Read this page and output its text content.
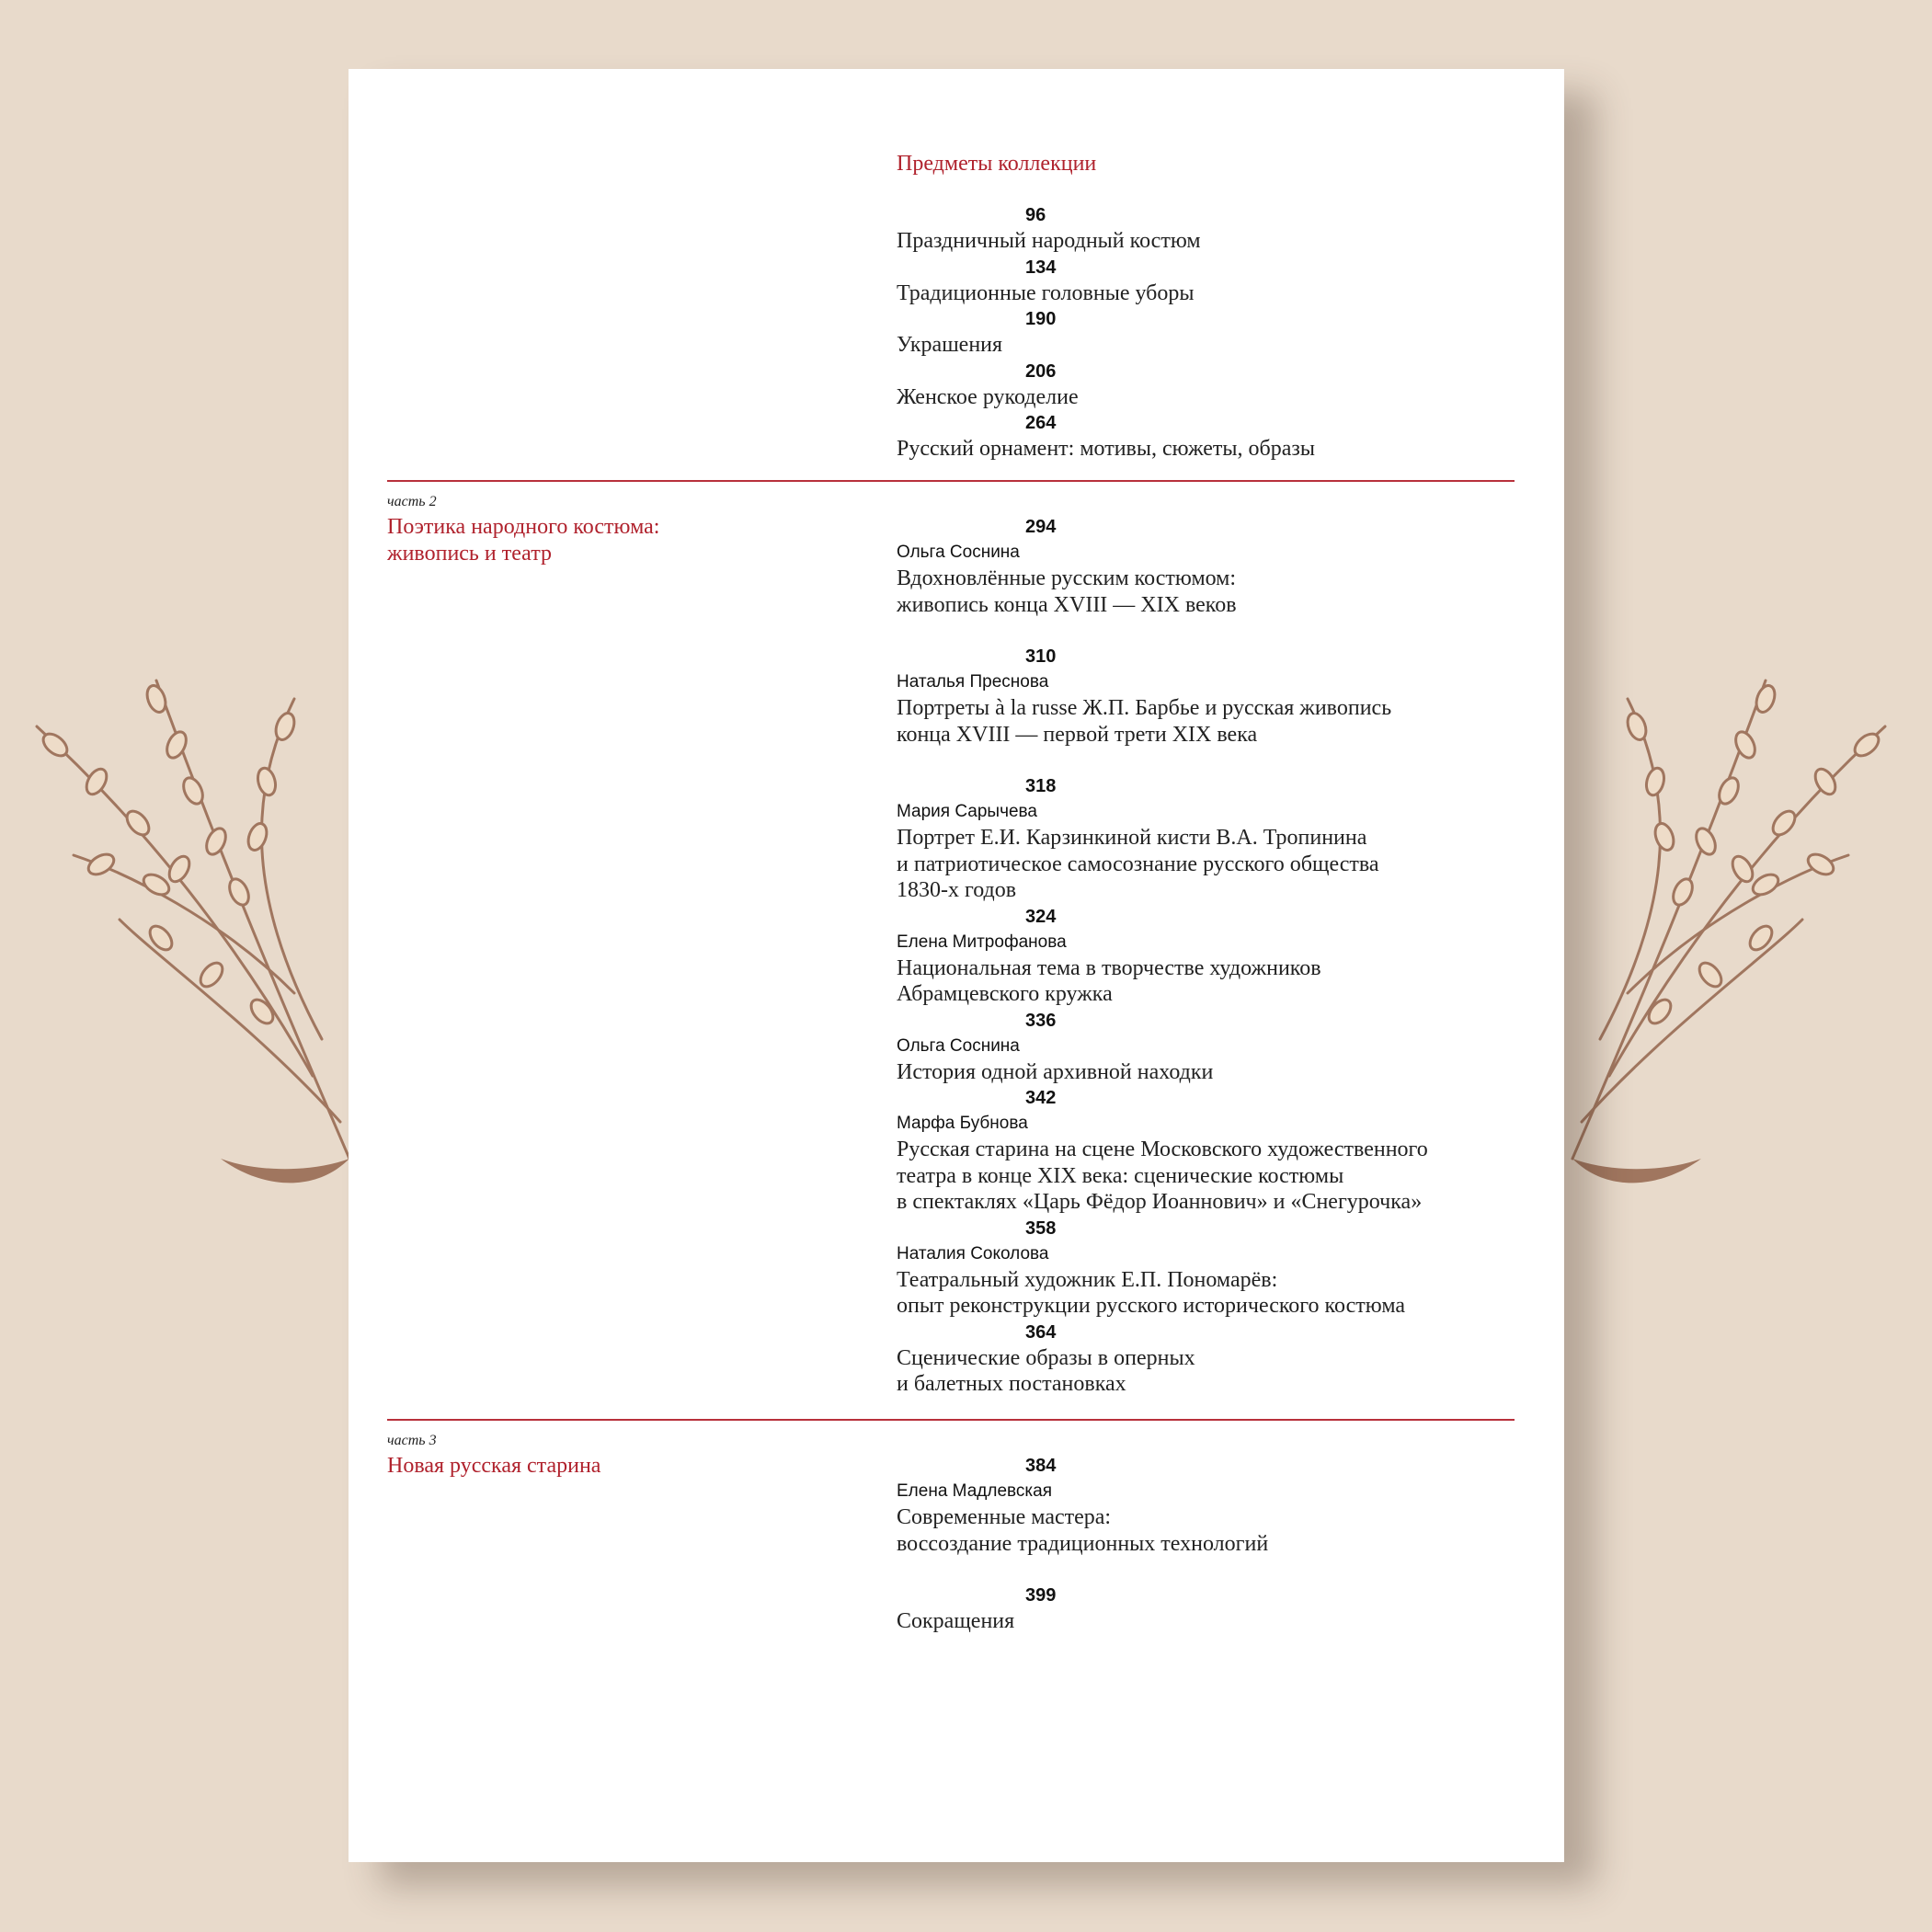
Предметы коллекции
96
Праздничный народный костюм
134
Традиционные головные уборы
190
Украшения
206
Женское рукоделие
264
Русский орнамент: мотивы, сюжеты, образы
часть 2
Поэтика народного костюма:
живопись и театр
294
Ольга Соснина
Вдохновлённые русским костюмом:
живопись конца XVIII — XIX веков
310
Наталья Преснова
Портреты à la russe Ж.П. Барбье и русская живопись
конца XVIII — первой трети XIX века
318
Мария Сарычева
Портрет Е.И. Карзинкиной кисти В.А. Тропинина
и патриотическое самосознание русского общества
1830-х годов
324
Елена Митрофанова
Национальная тема в творчестве художников
Абрамцевского кружка
336
Ольга Соснина
История одной архивной находки
342
Марфа Бубнова
Русская старина на сцене Московского художественного
театра в конце XIX века: сценические костюмы
в спектаклях «Царь Фёдор Иоаннович» и «Снегурочка»
358
Наталия Соколова
Театральный художник Е.П. Пономарёв:
опыт реконструкции русского исторического костюма
364
Сценические образы в оперных
и балетных постановках
часть 3
Новая русская старина	384
Елена Мадлевская
Современные мастера:
воссоздание традиционных технологий
399
Сокращения
